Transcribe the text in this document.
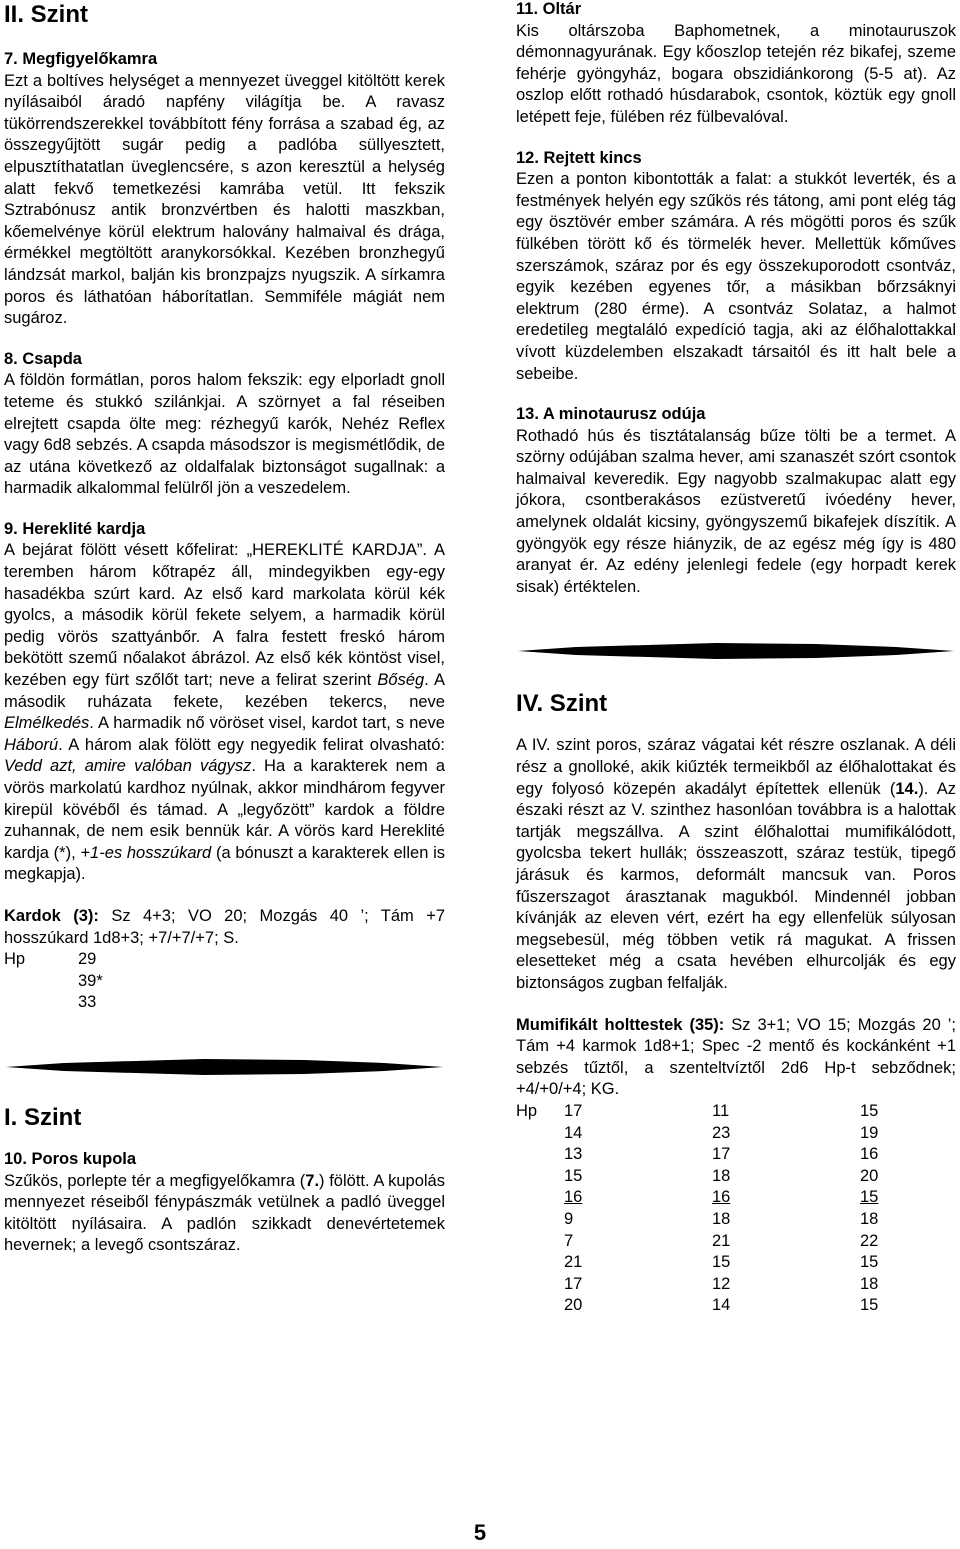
II. Szint
7. Megfigyelőkamra

Ezt a boltíves helységet a mennyezet üveggel kitöltött kerek nyílásaiból áradó napfény világítja be. A ravasz tükörrendszerekkel továbbított fény forrása a szabad ég, az összegyűjtött sugár pedig a padlóba süllyesztett, elpusztíthatatlan üveglencsére, s azon keresztül a helység alatt fekvő temetkezési kamrába vetül. Itt fekszik Sztrabónusz antik bronzvértben és halotti maszkban, kőemelvénye körül elektrum halovány halmaival és drága, érmékkel megtöltött aranykorsókkal. Kezében bronzhegyű lándzsát markol, balján kis bronzpajzs nyugszik. A sírkamra poros és láthatóan háborítatlan. Semmiféle mágiát nem sugároz.

8. Csapda

A földön formátlan, poros halom fekszik: egy elporladt gnoll teteme és stukkó szilánkjai. A szörnyet a fal réseiben elrejtett csapda ölte meg: rézhegyű karók, Nehéz Reflex vagy 6d8 sebzés. A csapda másodszor is megismétlődik, de az utána következő az oldalfalak biztonságot sugallnak: a harmadik alkalommal felülről jön a veszedelem.

9. Hereklité kardja

A bejárat fölött vésett kőfelirat: „HEREKLITÉ KARDJA”. A teremben három kőtrapéz áll, mindegyikben egy-egy hasadékba szúrt kard. Az első kard markolata körül kék gyolcs, a második körül fekete selyem, a harmadik körül pedig vörös szattyánbőr. A falra festett freskó három bekötött szemű nőalakot ábrázol. Az első kék köntöst visel, kezében egy fürt szőlőt tart; neve a felirat szerint Bőség. A második ruházata fekete, kezében tekercs, neve Elmélkedés. A harmadik nő vöröset visel, kardot tart, s neve Háború. A három alak fölött egy negyedik felirat olvasható: Vedd azt, amire valóban vágysz. Ha a karakterek nem a vörös markolatú kardhoz nyúlnak, akkor mindhárom fegyver kirepül kövéből és támad. A „legyőzött” kardok a földre zuhannak, de nem esik bennük kár. A vörös kard Hereklité kardja (*), +1-es hosszúkard (a bónuszt a karakterek ellen is megkapja).

Kardok (3): Sz 4+3; VO 20; Mozgás 40 ’; Tám +7 hosszúkard 1d8+3; +7/+7/+7; S.

Hp	29
	39*
	33
I. Szint
10. Poros kupola

Szűkös, porlepte tér a megfigyelőkamra (7.) fölött. A kupolás mennyezet réseiből fénypászmák vetülnek a padló üveggel kitöltött nyílásaira. A padlón szikkadt denevértetemek hevernek; a levegő csontszáraz.

11. Oltár

Kis oltárszoba Baphometnek, a minotauruszok démonnagyurának. Egy kőoszlop tetején réz bikafej, szeme fehérje gyöngyház, bogara obszidiánkorong (5-5 at). Az oszlop előtt rothadó húsdarabok, csontok, köztük egy gnoll letépett feje, fülében réz fülbevalóval.

12. Rejtett kincs

Ezen a ponton kibontották a falat: a stukkót leverték, és a festmények helyén egy szűkös rés tátong, ami pont elég tág egy ösztövér ember számára. A rés mögötti poros és szűk fülkében törött kő és törmelék hever. Mellettük kőműves szerszámok, száraz por és egy összekuporodott csontváz, egyik kezében egyenes tőr, a másikban bőrzsáknyi elektrum (280 érme). A csontváz Solataz, a halmot eredetileg megtaláló expedíció tagja, aki az élőhalottakkal vívott küzdelemben elszakadt társaitól és itt halt bele a sebeibe.

13. A minotaurusz odúja

Rothadó hús és tisztátalanság bűze tölti be a termet. A szörny odújában szalma hever, ami szanaszét szórt csontok halmaival keveredik. Egy nagyobb szalmakupac alatt egy jókora, csontberakásos ezüstveretű ivóedény hever, amelynek oldalát kicsiny, gyöngyszemű bikafejek díszítik. A gyöngyök egy része hiányzik, de az egész még így is 480 aranyat ér. Az edény jelenlegi fedele (egy horpadt kerek sisak) értéktelen.

IV. Szint

A IV. szint poros, száraz vágatai két részre oszlanak. A déli rész a gnolloké, akik kiűzték termeikből az élőhalottakat és egy folyosó közepén akadályt építettek ellenük (14.). Az északi részt az V. szinthez hasonlóan továbbra is a halottak tartják megszállva. A szint élőhalottai mumifikálódott, gyolcsba tekert hullák; összeaszott, száraz testük, tipegő járásuk és karmos, deformált mancsuk van. Poros fűszerszagot árasztanak magukból. Mindennél jobban kívánják az eleven vért, ezért ha egy ellenfelük súlyosan megsebesül, még többen vetik rá magukat. A frissen elesetteket még a csata hevében elhurcolják és egy biztonságos zugban felfalják.

Mumifikált holttestek (35): Sz 3+1; VO 15; Mozgás 20 ’; Tám +4 karmok 1d8+1; Spec -2 mentő és kockánként +1 sebzés tűztől, a szenteltvíztől 2d6 Hp-t sebződnek; +4/+0/+4; KG.

Hp	17	11	15
	14	23	19
	13	17	16
	15	18	20
	16	16	15
	9	18	18
	7	21	22
	21	15	15
	17	12	18
	20	14	15
5
